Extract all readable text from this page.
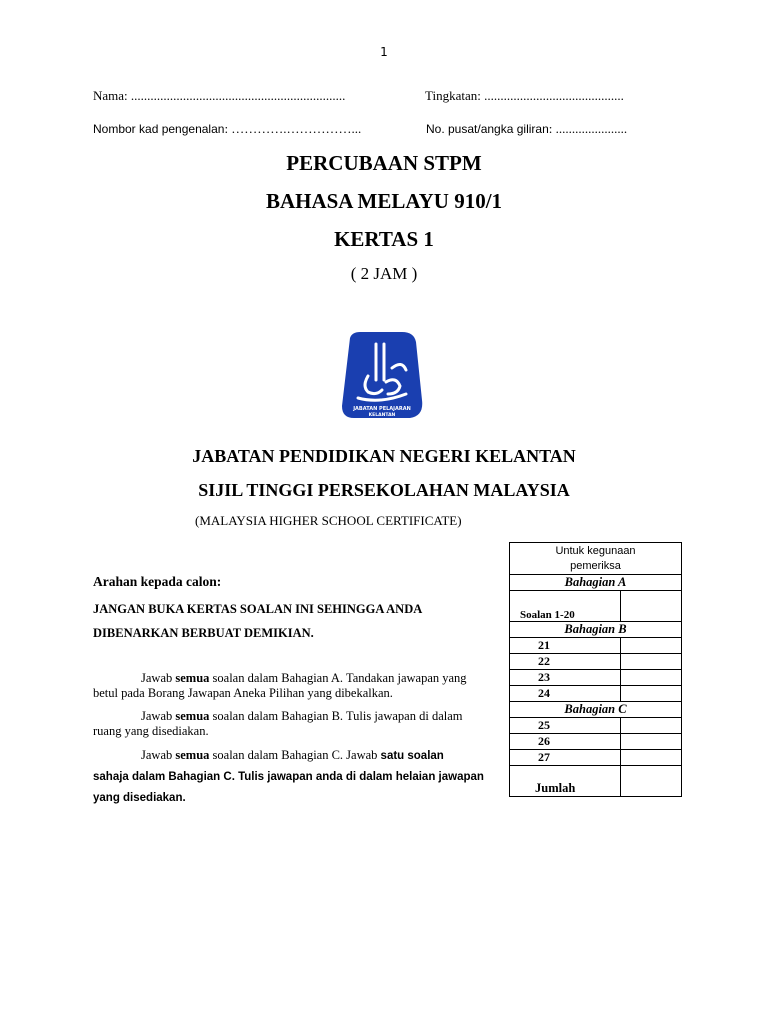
1
Nama: ..................................................................	Tingkatan: ...........................................
Nombor kad pengenalan: ………….……………...	No. pusat/angka giliran: ......................
PERCUBAAN STPM
BAHASA MELAYU 910/1
KERTAS 1
( 2 JAM )
JABATAN PELAJARAN
KELANTAN
JABATAN PENDIDIKAN NEGERI KELANTAN
SIJIL TINGGI PERSEKOLAHAN MALAYSIA
(MALAYSIA HIGHER SCHOOL CERTIFICATE)
Arahan kepada calon:
JANGAN BUKA KERTAS SOALAN INI SEHINGGA ANDA
DIBENARKAN BERBUAT DEMIKIAN.
Jawab semua soalan dalam Bahagian A. Tandakan jawapan yang betul pada Borang Jawapan Aneka Pilihan yang dibekalkan.
Jawab semua soalan dalam Bahagian B. Tulis jawapan di dalam ruang yang disediakan.
Jawab semua soalan dalam Bahagian C. Jawab satu soalan
sahaja dalam Bahagian C. Tulis jawapan anda di dalam helaian jawapan yang disediakan.
Untuk kegunaan
pemeriksa	

Bahagian A	
Soalan 1-20	
Bahagian B	
21	
22	
23	
24	
Bahagian C	
25	
26	
27	
Jumlah	
